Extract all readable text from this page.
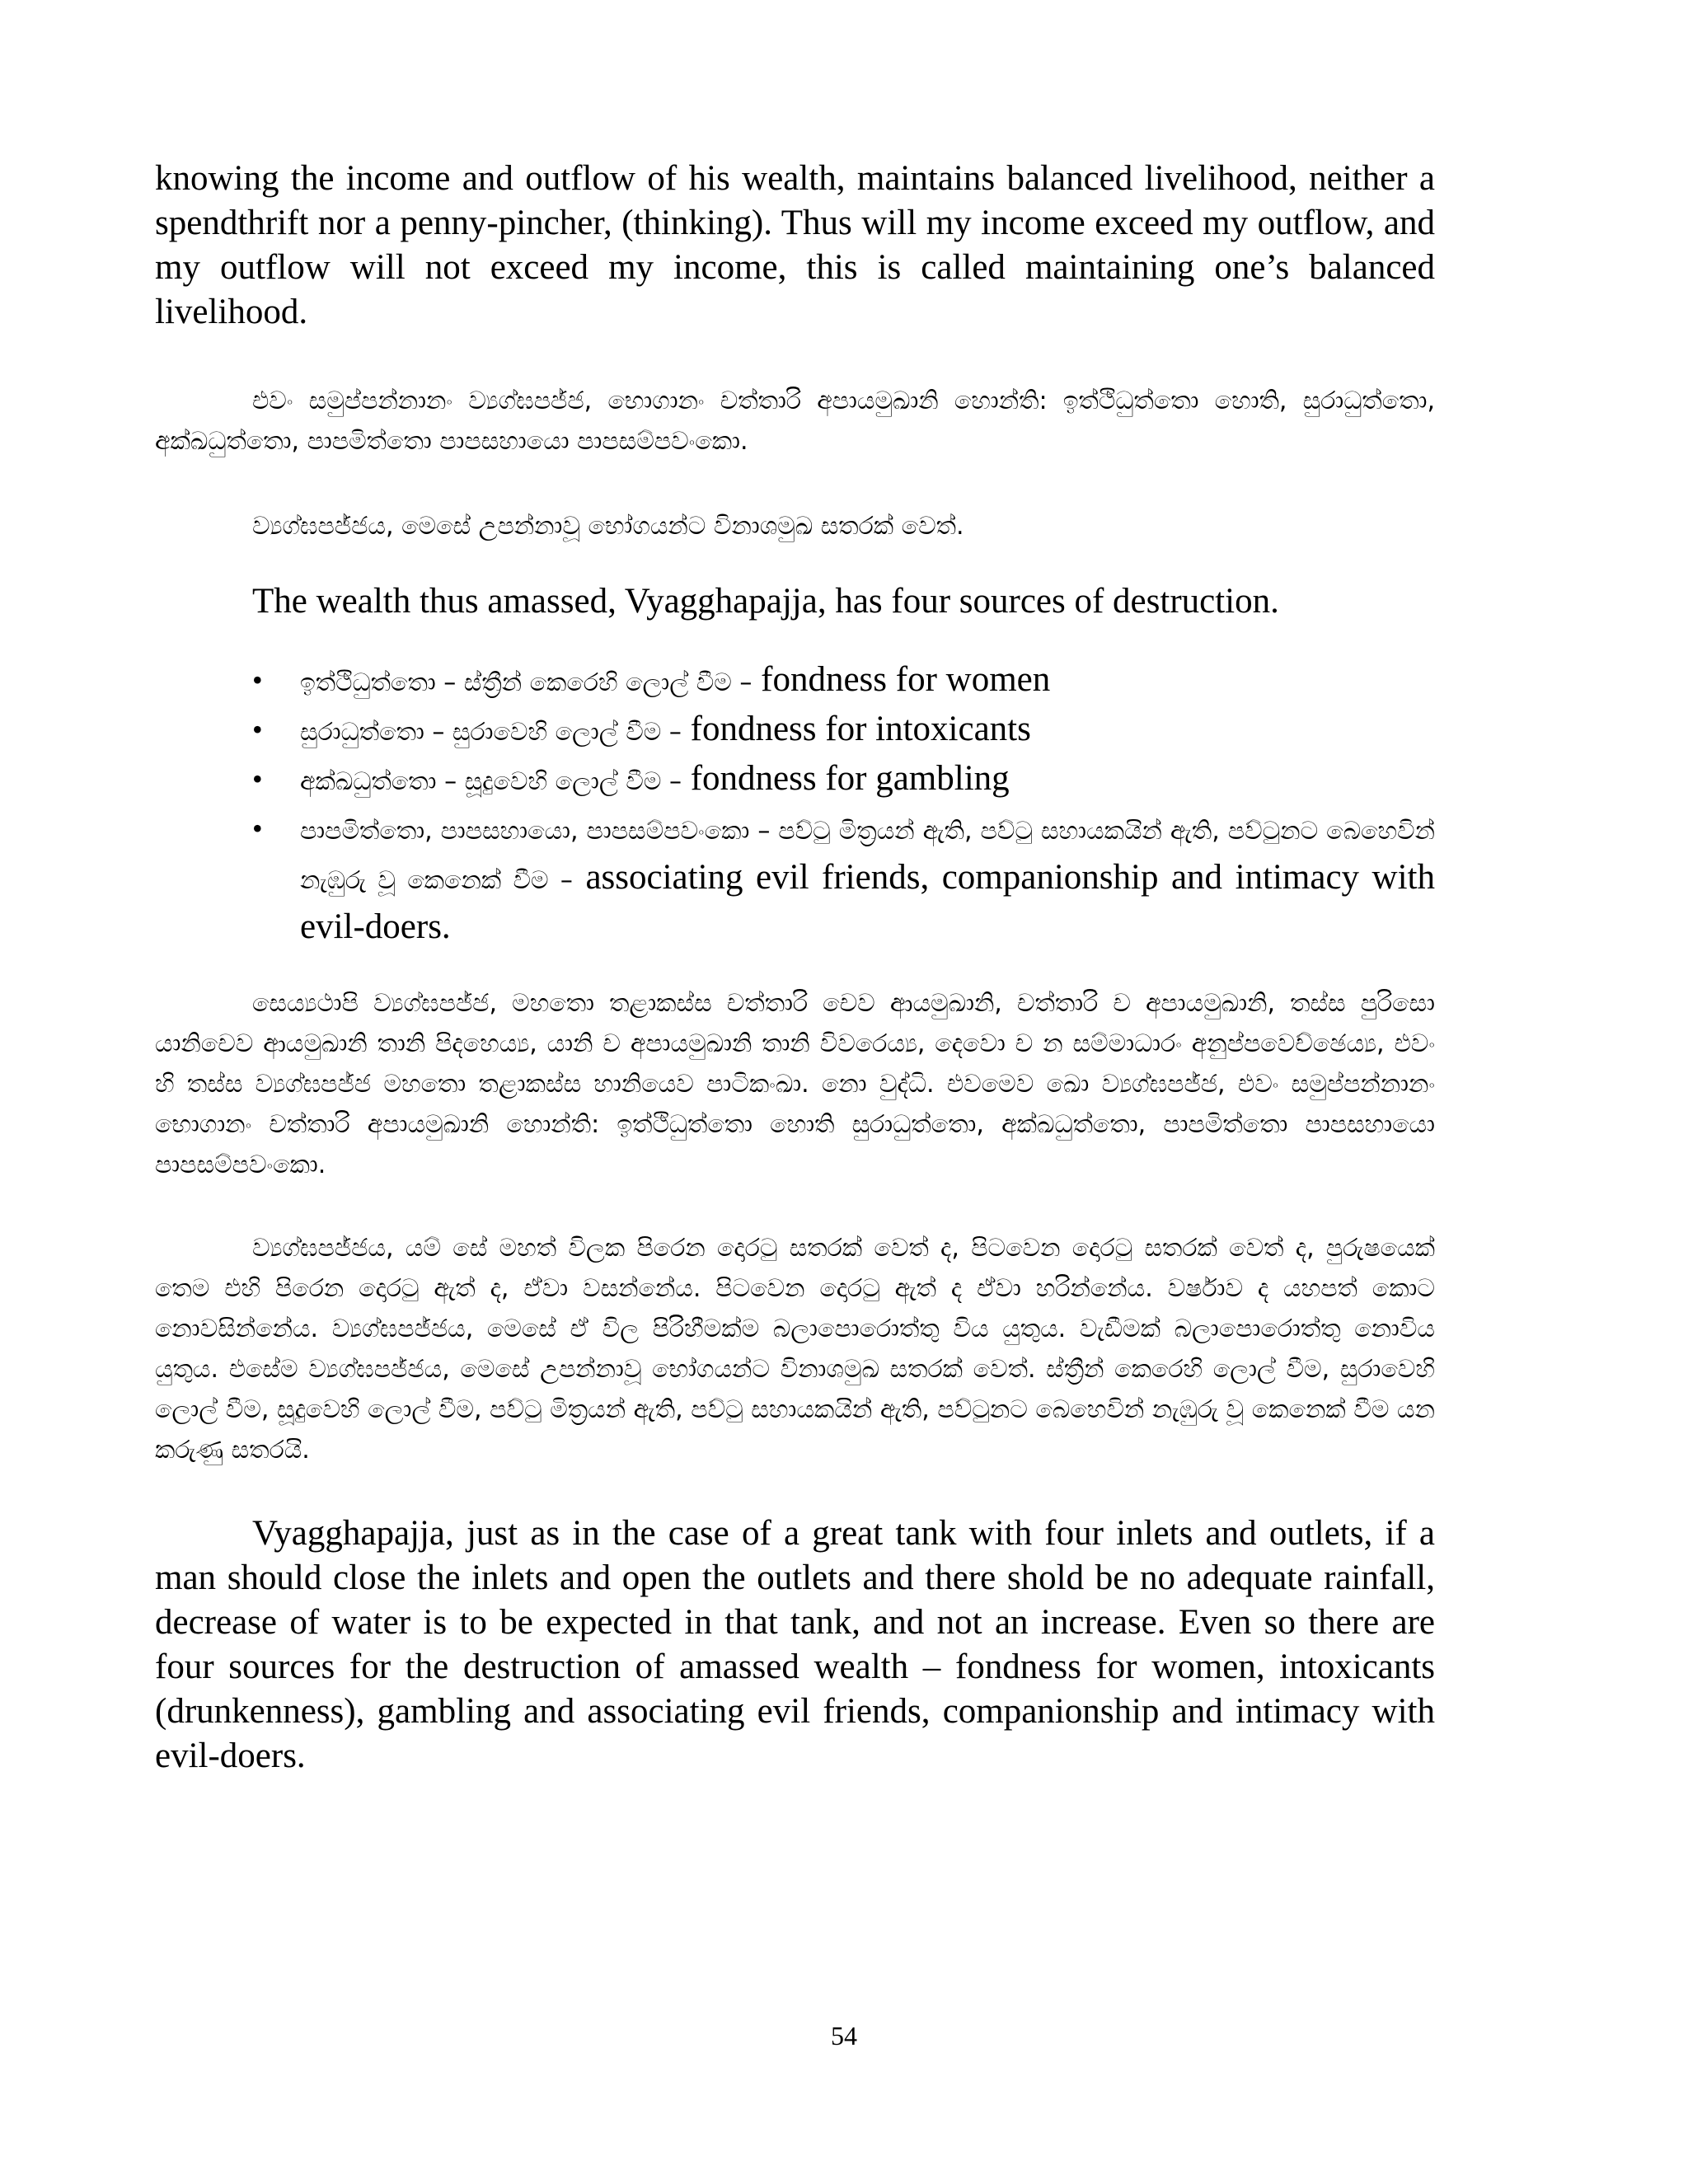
knowing the income and outflow of his wealth, maintains balanced livelihood, neither a spendthrift nor a penny-pincher, (thinking). Thus will my income exceed my outflow, and my outflow will not exceed my income, this is called maintaining one’s balanced livelihood.

එවං සමුප්පන්නානං ව්‍යග්ඝපජ්ජ, භොගානං චත්තාරි අපායමුඛානි හොන්ති: ඉත්ථිධුත්තො හොති, සුරාධුත්තො, අක්ඛධුත්තො, පාපමිත්තො පාපසහායො පාපසම්පවංකො.

ව්‍යග්ඝපජ්ජය, මෙසේ උපන්නාවූ භෝගයන්ට විනාශමුඛ සතරක් වෙත්.

The wealth thus amassed, Vyagghapajja, has four sources of destruction.

• ඉත්ථිධුත්තො – ස්ත්‍රීන් කෙරෙහි ලොල් වීම – fondness for women
• සුරාධුත්තො – සුරාවෙහි ලොල් වීම – fondness for intoxicants
• අක්ඛධුත්තො – සූදුවෙහි ලොල් වීම – fondness for gambling
• පාපමිත්තො, පාපසහායො, පාපසම්පවංකො – පව්ටු මිත්‍රයන් ඇති, පව්ටු සහායකයින් ඇති, පව්ටුනට බෙහෙවින් නැඹුරු වූ කෙනෙක් වීම – associating evil friends, companionship and intimacy with evil-doers.

සෙය්‍යථාපි ව්‍යග්ඝපජ්ජ, මහතො තළාකස්ස චත්තාරි චෙව ආයමුඛානි, චත්තාරි ච අපායමුඛානි, තස්ස පුරිසො යානිචෙව ආයමුඛානි තානි පිදහෙය්‍ය, යානි ච අපායමුඛානි තානි විවරෙය්‍ය, දෙවො ච න සම්මාධාරං අනුප්පවෙච්ඡෙය්‍ය, එවං හි තස්ස ව්‍යග්ඝපජ්ජ මහතො තළාකස්ස හානියෙව පාටිකංඛා. නො වුද්ධි. එවමෙව ඛො ව්‍යග්ඝපජ්ජ, එවං සමුප්පන්නානං භොගානං චත්තාරි අපායමුඛානි හොන්ති: ඉත්ථිධුත්තො හොති සුරාධුත්තො, අක්ඛධුත්තො, පාපමිත්තො පාපසහායො පාපසම්පවංකො.

ව්‍යග්ඝපජ්ජය, යම් සේ මහත් විලක පිරෙන දොරටු සතරක් වෙත් ද, පිටවෙන දොරටු සතරක් වෙත් ද, පුරුෂයෙක් තෙම එහි පිරෙන දොරටු ඇත් ද, ඒවා වසන්නේය. පිටවෙන දොරටු ඇත් ද ඒවා හරින්නේය. වර්ෂාව ද යහපත් කොට නොවසින්නේය. ව්‍යග්ඝපජ්ජය, මෙසේ ඒ විල පිරිහීමක්ම බලාපොරොත්තු විය යුතුය. වැඩීමක් බලාපොරොත්තු නොවිය යුතුය. එසේම ව්‍යග්ඝපජ්ජය, මෙසේ උපන්නාවූ භෝගයන්ට විනාශමුඛ සතරක් වෙත්. ස්ත්‍රීන් කෙරෙහි ලොල් වීම, සුරාවෙහි ලොල් වීම, සූදුවෙහි ලොල් වීම, පව්ටු මිත්‍රයන් ඇති, පව්ටු සහායකයින් ඇති, පව්ටුනට බෙහෙවින් නැඹුරු වූ කෙනෙක් වීම යන කරුණු සතරයි.

Vyagghapajja, just as in the case of a great tank with four inlets and outlets, if a man should close the inlets and open the outlets and there shold be no adequate rainfall, decrease of water is to be expected in that tank, and not an increase. Even so there are four sources for the destruction of amassed wealth – fondness for women, intoxicants (drunkenness), gambling and associating evil friends, companionship and intimacy with evil-doers.

54
